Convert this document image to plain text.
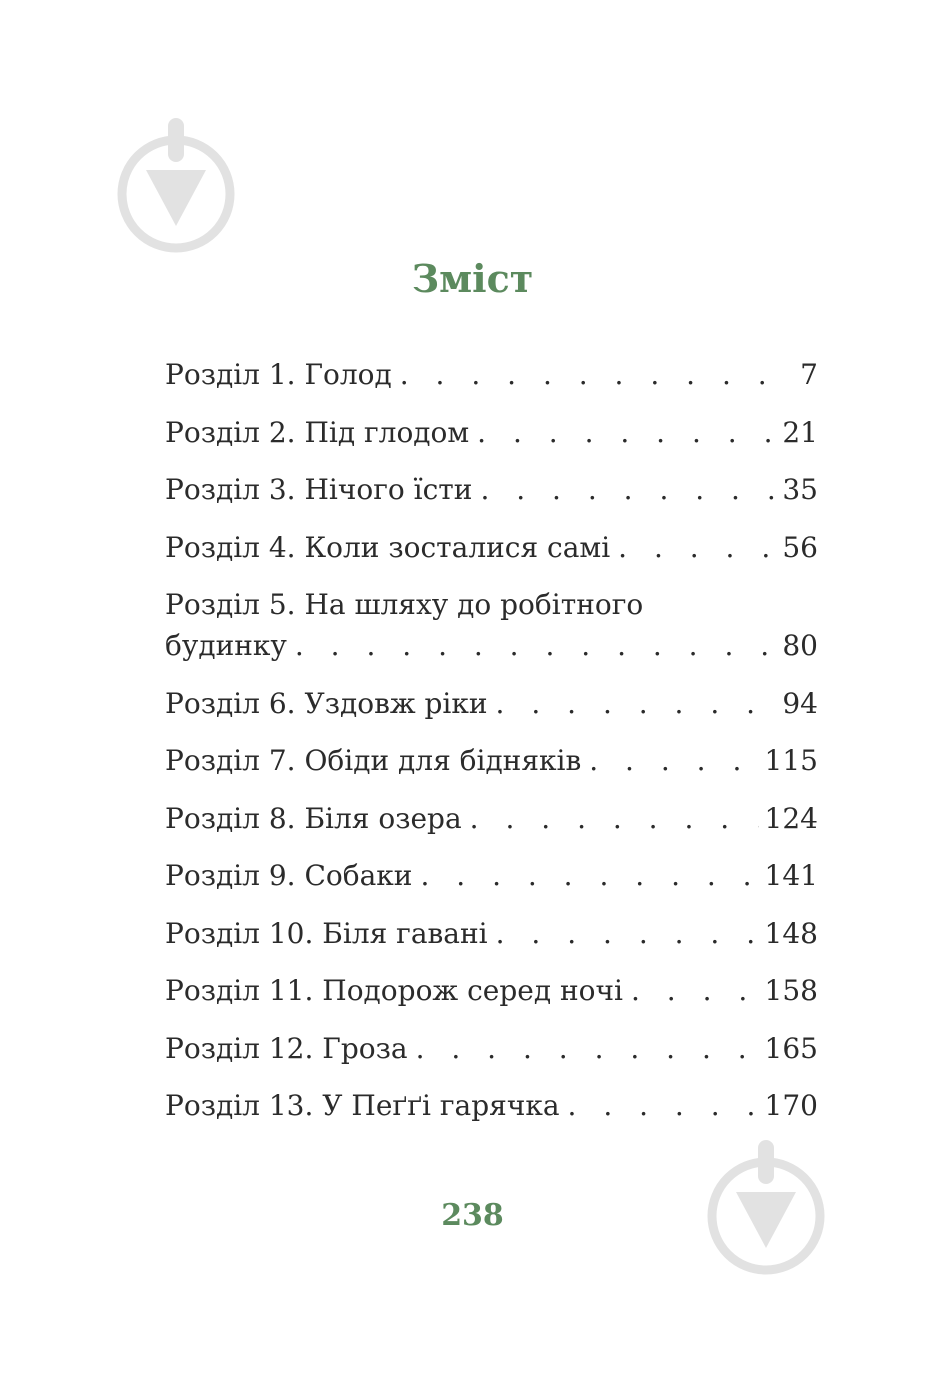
Зміст
Розділ 1. Голод . . .	7
Розділ 2. Під глодом . . .	21
Розділ 3. Нічого їсти . . .	35
Розділ 4. Коли зосталися самі . . .	56
Розділ 5. На шляху до робітного
будинку . . .	80
Розділ 6. Уздовж ріки . . .	94
Розділ 7. Обіди для бідняків . . .	115
Розділ 8. Біля озера . . .	124
Розділ 9. Собаки . . .	141
Розділ 10. Біля гавані . . .	148
Розділ 11. Подорож серед ночі . . .	158
Розділ 12. Гроза . . .	165
Розділ 13. У Пеґґі гарячка . . .	170

238
